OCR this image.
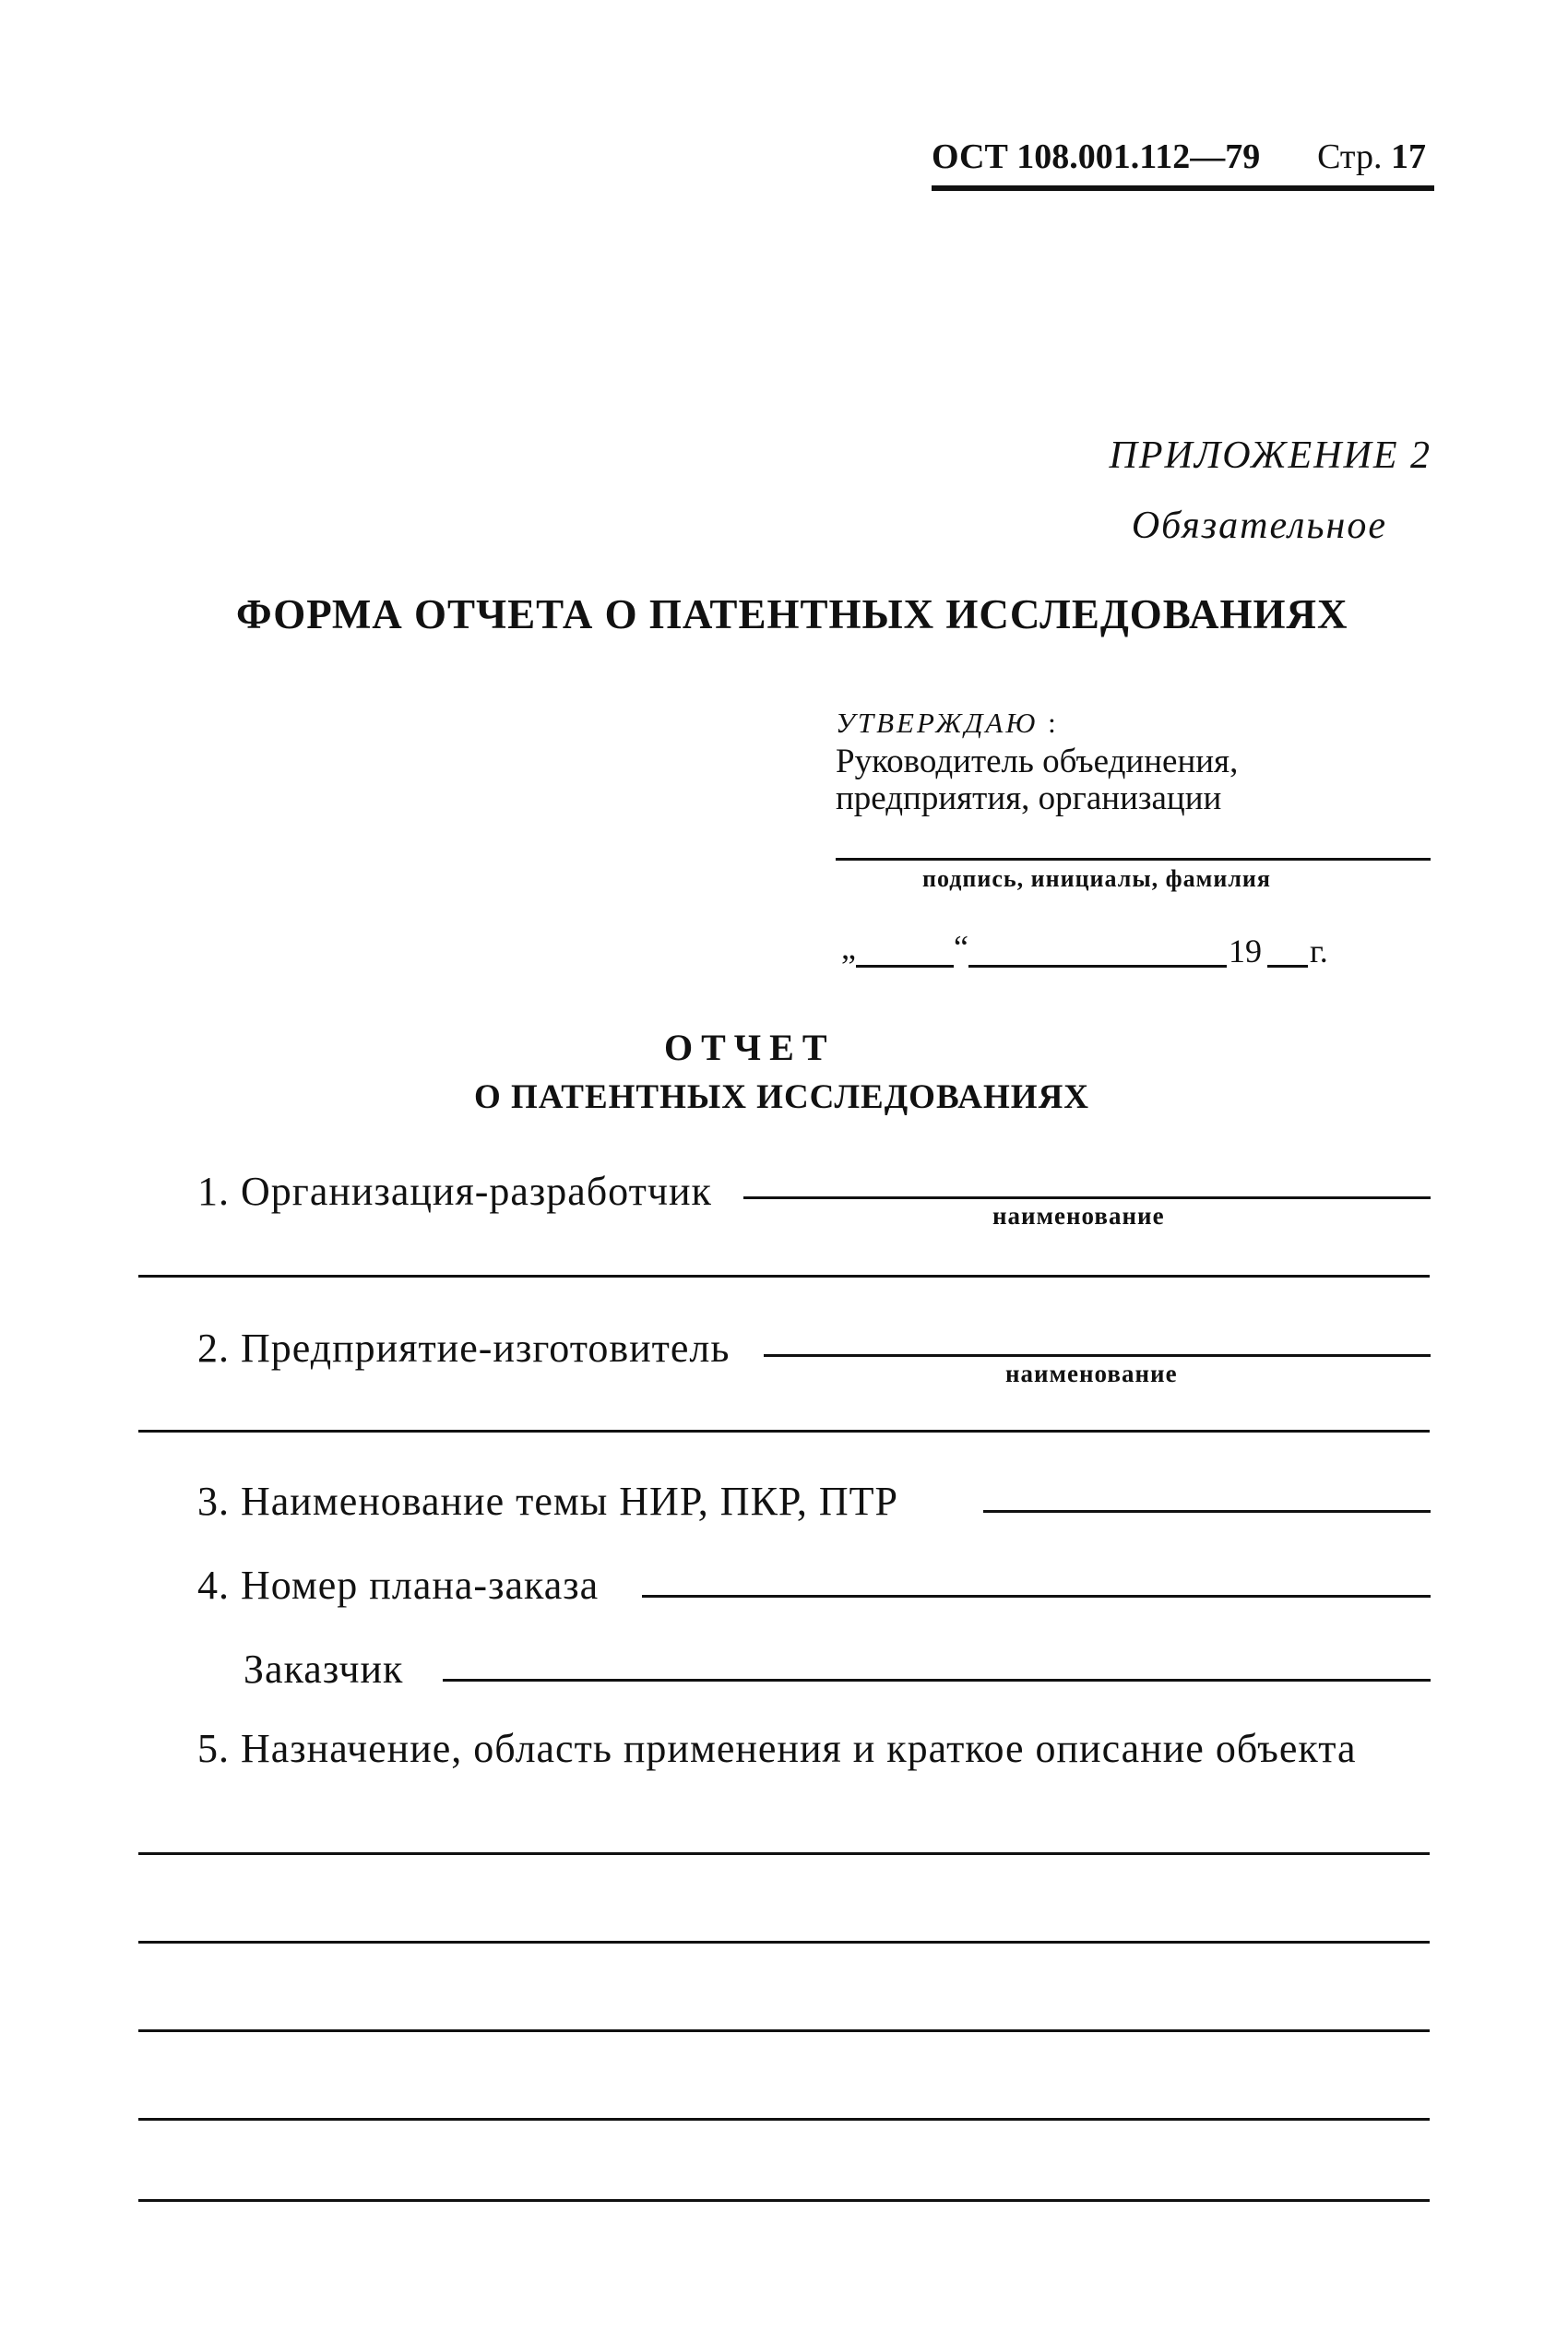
ОСТ 108.001.112—79 Стр. 17
ПРИЛОЖЕНИЕ 2
Обязательное
ФОРМА ОТЧЕТА О ПАТЕНТНЫХ ИССЛЕДОВАНИЯХ
УТВЕРЖДАЮ :
Руководитель объединения,
предприятия, организации
подпись, инициалы, фамилия
„	“	19 г.
ОТЧЕТ
О ПАТЕНТНЫХ ИССЛЕДОВАНИЯХ
1. Организация-разработчик
наименование
2. Предприятие-изготовитель
наименование
3. Наименование темы НИР, ПКР, ПТР
4. Номер плана-заказа
Заказчик
5. Назначение, область применения и краткое описание объекта
